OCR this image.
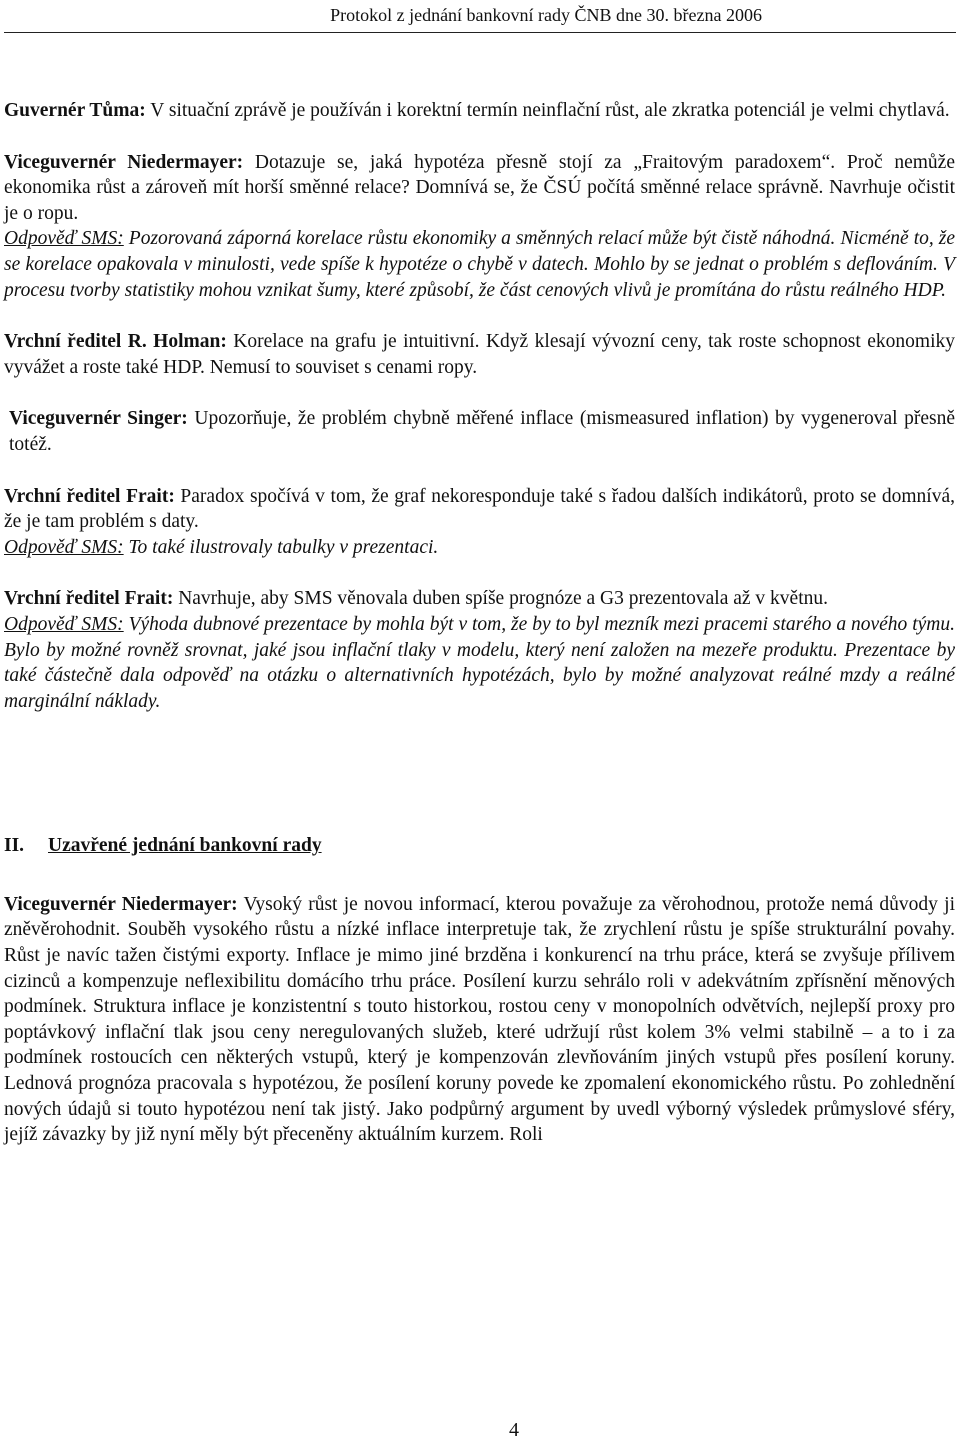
Protokol z jednání bankovní rady ČNB dne 30. března 2006

Guvernér Tůma: V situační zprávě je používán i korektní termín neinflační růst, ale zkratka potenciál je velmi chytlavá.

Viceguvernér Niedermayer: Dotazuje se, jaká hypotéza přesně stojí za „Fraitovým paradoxem“. Proč nemůže ekonomika růst a zároveň mít horší směnné relace? Domnívá se, že ČSÚ počítá směnné relace správně. Navrhuje očistit je o ropu.
Odpověď SMS: Pozorovaná záporná korelace růstu ekonomiky a směnných relací může být čistě náhodná. Nicméně to, že se korelace opakovala v minulosti, vede spíše k hypotéze o chybě v datech. Mohlo by se jednat o problém s deflováním. V procesu tvorby statistiky mohou vznikat šumy, které způsobí, že část cenových vlivů je promítána do růstu reálného HDP.

Vrchní ředitel R. Holman: Korelace na grafu je intuitivní. Když klesají vývozní ceny, tak roste schopnost ekonomiky vyvážet a roste také HDP. Nemusí to souviset s cenami ropy.

Viceguvernér Singer: Upozorňuje, že problém chybně měřené inflace (mismeasured inflation) by vygeneroval přesně totéž.

Vrchní ředitel Frait: Paradox spočívá v tom, že graf nekoresponduje také s řadou dalších indikátorů, proto se domnívá, že je tam problém s daty.
Odpověď SMS: To také ilustrovaly tabulky v prezentaci.

Vrchní ředitel Frait: Navrhuje, aby SMS věnovala duben spíše prognóze a G3 prezentovala až v květnu.
Odpověď SMS: Výhoda dubnové prezentace by mohla být v tom, že by to byl mezník mezi pracemi starého a nového týmu. Bylo by možné rovněž srovnat, jaké jsou inflační tlaky v modelu, který není založen na mezeře produktu. Prezentace by také částečně dala odpověď na otázku o alternativních hypotézách, bylo by možné analyzovat reálné mzdy a reálné marginální náklady.

II. Uzavřené jednání bankovní rady

Viceguvernér Niedermayer: Vysoký růst je novou informací, kterou považuje za věrohodnou, protože nemá důvody ji zněvěrohodnit. Souběh vysokého růstu a nízké inflace interpretuje tak, že zrychlení růstu je spíše strukturální povahy. Růst je navíc tažen čistými exporty. Inflace je mimo jiné brzděna i konkurencí na trhu práce, která se zvyšuje přílivem cizinců a kompenzuje neflexibilitu domácího trhu práce. Posílení kurzu sehrálo roli v adekvátním zpřísnění měnových podmínek. Struktura inflace je konzistentní s touto historkou, rostou ceny v monopolních odvětvích, nejlepší proxy pro poptávkový inflační tlak jsou ceny neregulovaných služeb, které udržují růst kolem 3% velmi stabilně – a to i za podmínek rostoucích cen některých vstupů, který je kompenzován zlevňováním jiných vstupů přes posílení koruny. Lednová prognóza pracovala s hypotézou, že posílení koruny povede ke zpomalení ekonomického růstu. Po zohlednění nových údajů si touto hypotézou není tak jistý. Jako podpůrný argument by uvedl výborný výsledek průmyslové sféry, jejíž závazky by již nyní měly být přeceněny aktuálním kurzem. Roli

4
